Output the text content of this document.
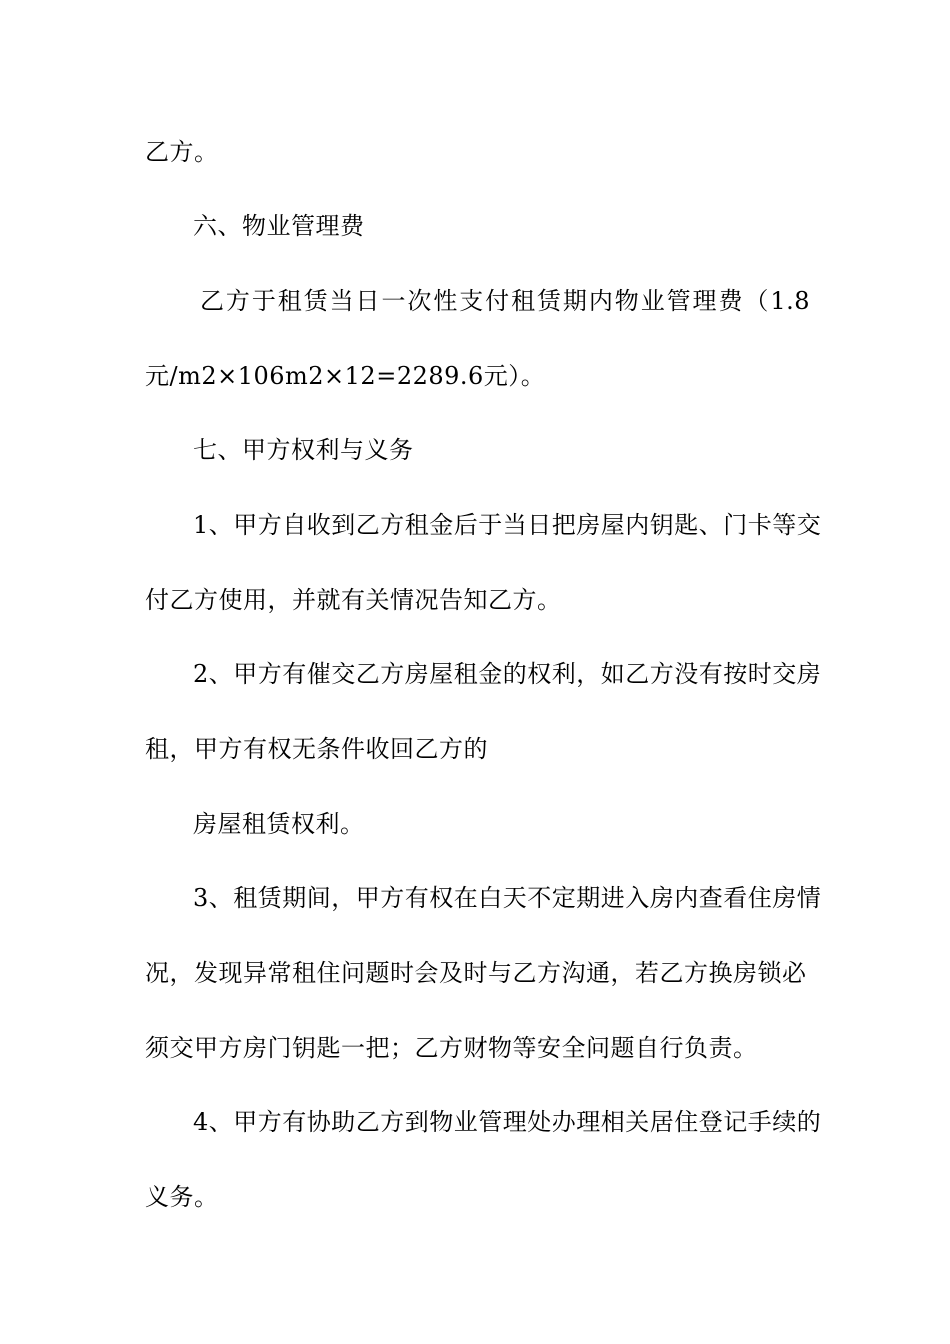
乙方。
六、物业管理费
乙方于租赁当日一次性支付租赁期内物业管理费（1.8
元/m2×106m2×12=2289.6元）。
七、甲方权利与义务
1、甲方自收到乙方租金后于当日把房屋内钥匙、门卡等交
付乙方使用，并就有关情况告知乙方。
2、甲方有催交乙方房屋租金的权利，如乙方没有按时交房
租，甲方有权无条件收回乙方的
房屋租赁权利。
3、租赁期间，甲方有权在白天不定期进入房内查看住房情
况，发现异常租住问题时会及时与乙方沟通，若乙方换房锁必
须交甲方房门钥匙一把；乙方财物等安全问题自行负责。
4、甲方有协助乙方到物业管理处办理相关居住登记手续的
义务。
